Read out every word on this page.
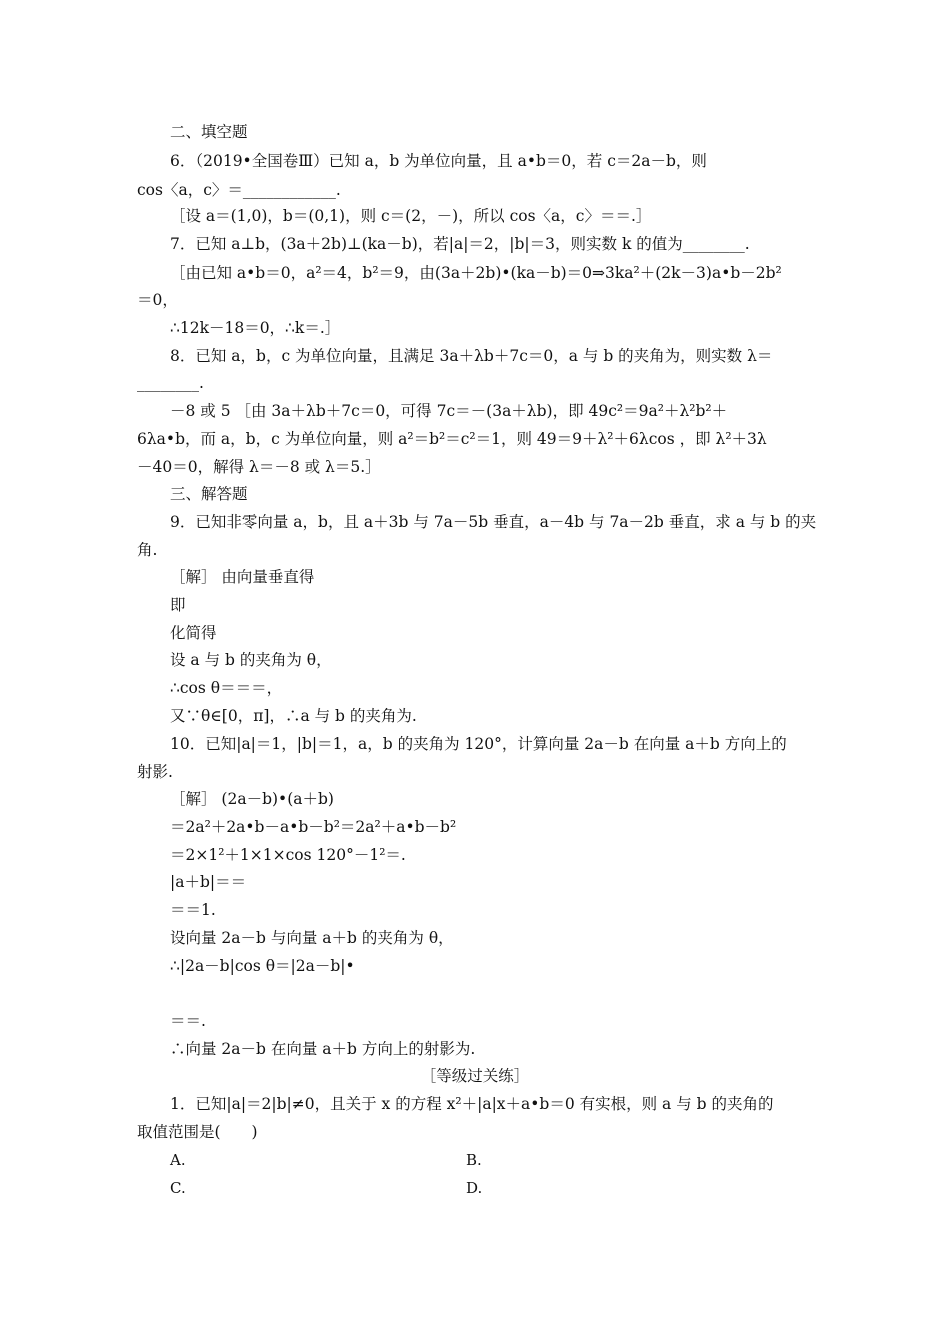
二、填空题
6．（2019•全国卷Ⅲ）已知 a，b 为单位向量，且 a•b＝0，若 c＝2a－b，则
cos〈a，c〉＝____________.
［设 a＝(1,0)，b＝(0,1)，则 c＝(2，－)，所以 cos〈a，c〉＝＝.］
7．已知 a⊥b，(3a＋2b)⊥(ka－b)，若|a|＝2，|b|＝3，则实数 k 的值为________.
［由已知 a•b＝0，a²＝4，b²＝9，由(3a＋2b)•(ka－b)＝0⇒3ka²＋(2k－3)a•b－2b²
＝0，
∴12k－18＝0，∴k＝.］
8．已知 a，b，c 为单位向量，且满足 3a＋λb＋7c＝0，a 与 b 的夹角为，则实数 λ＝
________.
－8 或 5 ［由 3a＋λb＋7c＝0，可得 7c＝－(3a＋λb)，即 49c²＝9a²＋λ²b²＋
6λa•b，而 a，b，c 为单位向量，则 a²＝b²＝c²＝1，则 49＝9＋λ²＋6λcos ，即 λ²＋3λ
－40＝0，解得 λ＝－8 或 λ＝5.］
三、解答题
9．已知非零向量 a，b，且 a＋3b 与 7a－5b 垂直，a－4b 与 7a－2b 垂直，求 a 与 b 的夹
角.
［解］ 由向量垂直得
即
化简得
设 a 与 b 的夹角为 θ，
∴cos θ＝＝＝，
又∵θ∈[0，π]，∴a 与 b 的夹角为.
10．已知|a|＝1，|b|＝1，a，b 的夹角为 120°，计算向量 2a－b 在向量 a＋b 方向上的
射影.
［解］ (2a－b)•(a＋b)
＝2a²＋2a•b－a•b－b²＝2a²＋a•b－b²
＝2×1²＋1×1×cos 120°－1²＝.
|a＋b|＝＝
＝＝1.
设向量 2a－b 与向量 a＋b 的夹角为 θ，
∴|2a－b|cos θ＝|2a－b|•
＝＝.
∴向量 2a－b 在向量 a＋b 方向上的射影为.
［等级过关练］
1．已知|a|＝2|b|≠0，且关于 x 的方程 x²＋|a|x＋a•b＝0 有实根，则 a 与 b 的夹角的
取值范围是(　　)
A.	B.
C.	D.
